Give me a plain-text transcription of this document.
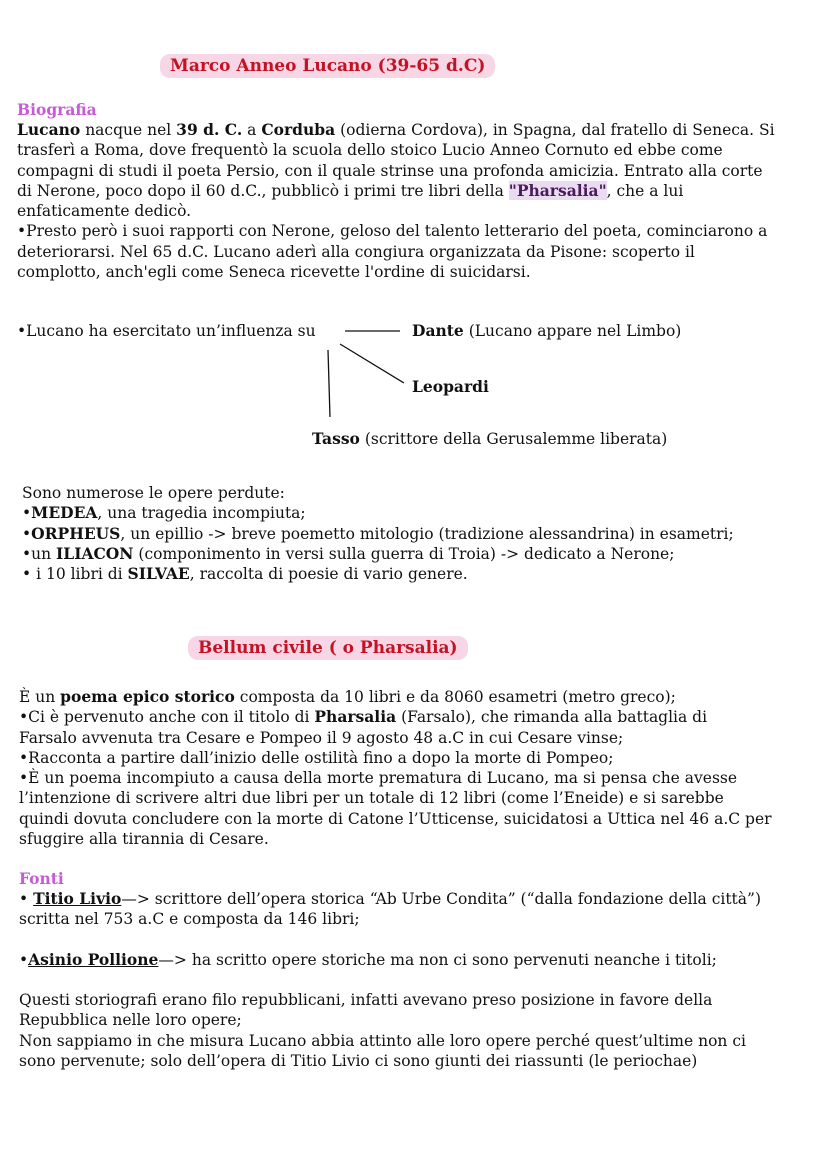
Marco Anneo Lucano (39-65 d.C)
Biografia
Lucano nacque nel 39 d. C. a Corduba (odierna Cordova), in Spagna, dal fratello di Seneca. Si
trasferì a Roma, dove frequentò la scuola dello stoico Lucio Anneo Cornuto ed ebbe come
compagni di studi il poeta Persio, con il quale strinse una profonda amicizia. Entrato alla corte
di Nerone, poco dopo il 60 d.C., pubblicò i primi tre libri della "Pharsalia", che a lui
enfaticamente dedicò.
•Presto però i suoi rapporti con Nerone, geloso del talento letterario del poeta, cominciarono a
deteriorarsi. Nel 65 d.C. Lucano aderì alla congiura organizzata da Pisone: scoperto il
complotto, anch'egli come Seneca ricevette l'ordine di suicidarsi.
•Lucano ha esercitato un’influenza su	Dante (Lucano appare nel Limbo)
Leopardi
Tasso (scrittore della Gerusalemme liberata)
Sono numerose le opere perdute:
•MEDEA, una tragedia incompiuta;
•ORPHEUS, un epillio -> breve poemetto mitologio (tradizione alessandrina) in esametri;
•un ILIACON (componimento in versi sulla guerra di Troia) -> dedicato a Nerone;
• i 10 libri di SILVAE, raccolta di poesie di vario genere.
Bellum civile ( o Pharsalia)
È un poema epico storico composta da 10 libri e da 8060 esametri (metro greco);
•Ci è pervenuto anche con il titolo di Pharsalia (Farsalo), che rimanda alla battaglia di
Farsalo avvenuta tra Cesare e Pompeo il 9 agosto 48 a.C in cui Cesare vinse;
•Racconta a partire dall’inizio delle ostilità fino a dopo la morte di Pompeo;
•È un poema incompiuto a causa della morte prematura di Lucano, ma si pensa che avesse
l’intenzione di scrivere altri due libri per un totale di 12 libri (come l’Eneide) e si sarebbe
quindi dovuta concludere con la morte di Catone l’Utticense, suicidatosi a Uttica nel 46 a.C per
sfuggire alla tirannia di Cesare.
Fonti
• Titio Livio—> scrittore dell’opera storica “Ab Urbe Condita” (“dalla fondazione della città”)
scritta nel 753 a.C e composta da 146 libri;
•Asinio Pollione—> ha scritto opere storiche ma non ci sono pervenuti neanche i titoli;
Questi storiografi erano filo repubblicani, infatti avevano preso posizione in favore della
Repubblica nelle loro opere;
Non sappiamo in che misura Lucano abbia attinto alle loro opere perché quest’ultime non ci
sono pervenute; solo dell’opera di Titio Livio ci sono giunti dei riassunti (le periochae)
